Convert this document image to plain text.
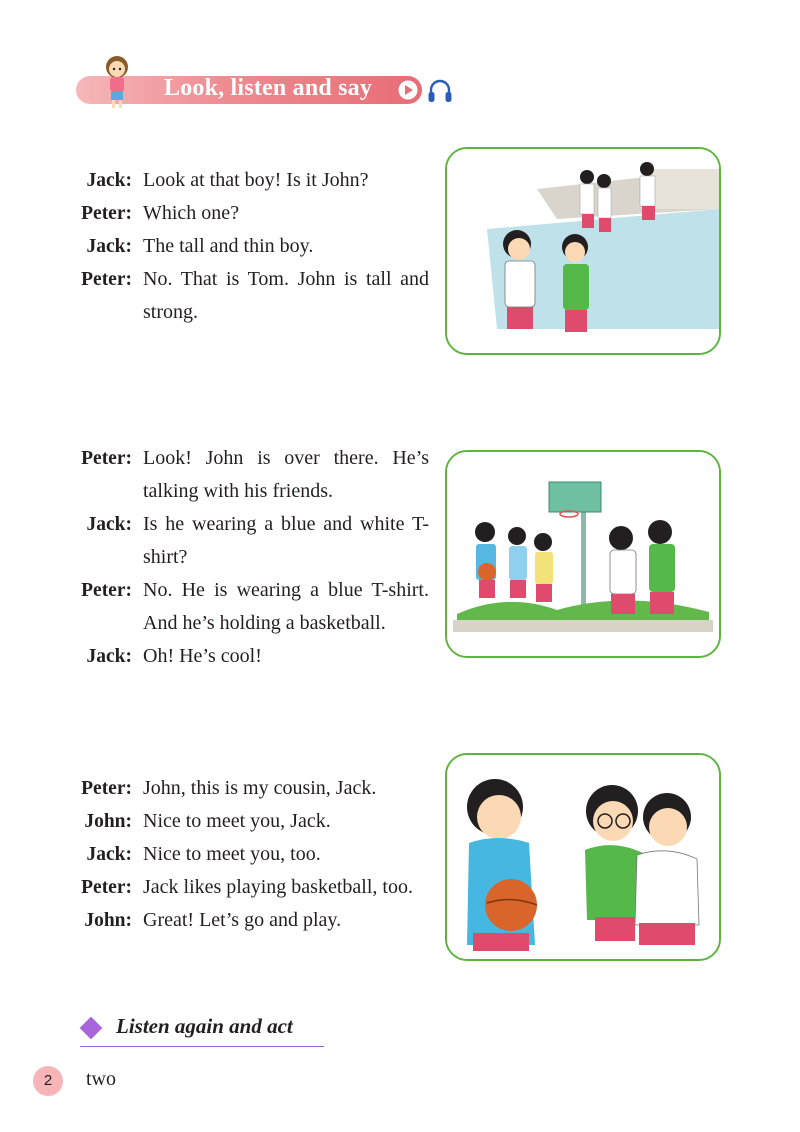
Look, listen and say
Jack: Look at that boy! Is it John?
Peter: Which one?
Jack: The tall and thin boy.
Peter: No. That is Tom. John is tall and strong.
Peter: Look! John is over there. He’s talking with his friends.
Jack: Is he wearing a blue and white T-shirt?
Peter: No. He is wearing a blue T-shirt. And he’s holding a basketball.
Jack: Oh! He’s cool!
Peter: John, this is my cousin, Jack.
John: Nice to meet you, Jack.
Jack: Nice to meet you, too.
Peter: Jack likes playing basketball, too.
John: Great! Let’s go and play.
Listen again and act
2	two
